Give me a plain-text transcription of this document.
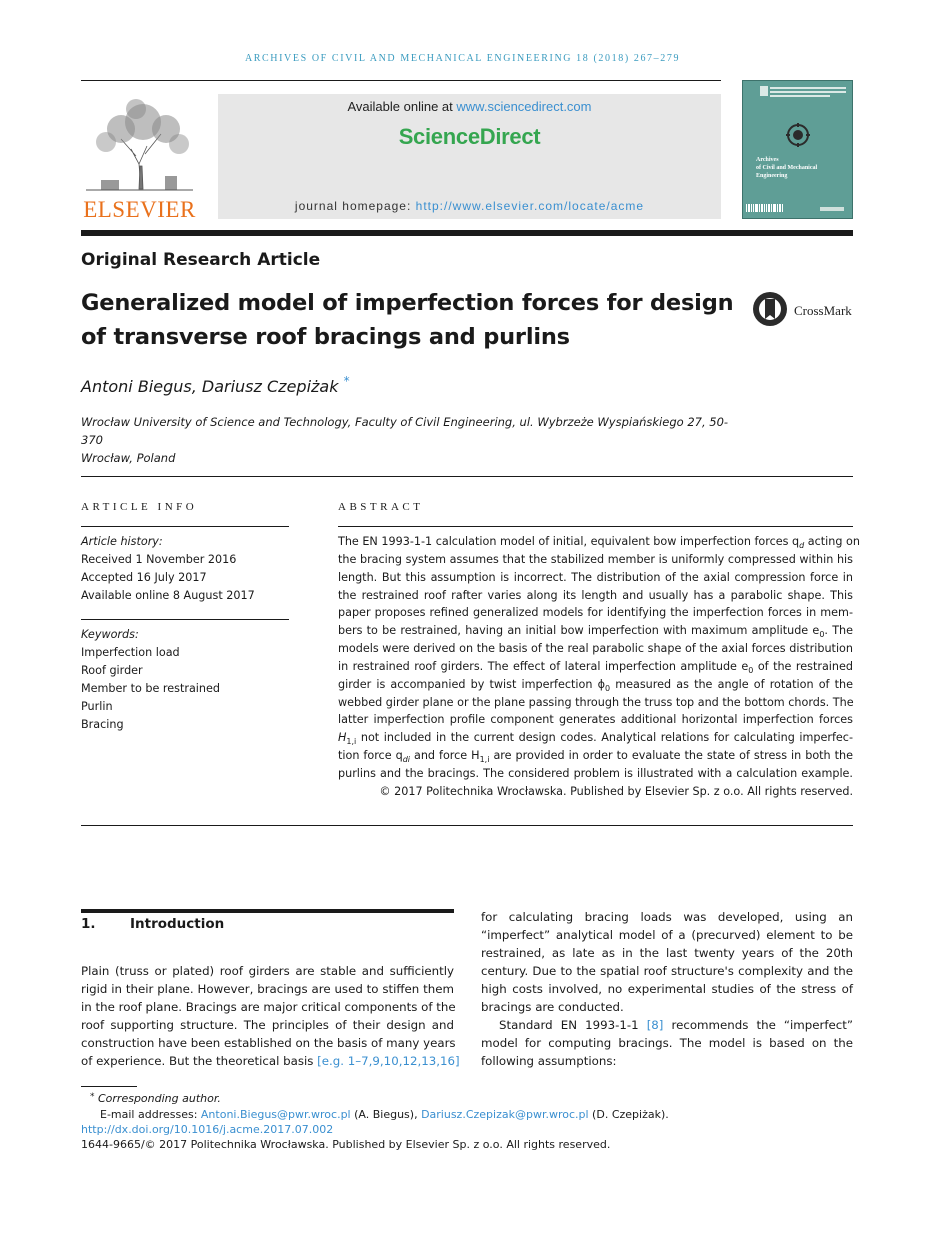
ARCHIVES OF CIVIL AND MECHANICAL ENGINEERING 18 (2018) 267–279
ELSEVIER
Available online at www.sciencedirect.com
ScienceDirect
journal homepage: http://www.elsevier.com/locate/acme
Archives
of Civil and Mechanical
Engineering
Original Research Article
Generalized model of imperfection forces for design
of transverse roof bracings and purlins
CrossMark
Antoni Biegus, Dariusz Czepiżak *
Wrocław University of Science and Technology, Faculty of Civil Engineering, ul. Wybrzeże Wyspiańskiego 27, 50-370
Wrocław, Poland
ARTICLE INFO
Article history:
Received 1 November 2016
Accepted 16 July 2017
Available online 8 August 2017
Keywords:
Imperfection load
Roof girder
Member to be restrained
Purlin
Bracing
ABSTRACT
The EN 1993-1-1 calculation model of initial, equivalent bow imperfection forces $q_d$ acting on
the bracing system assumes that the stabilized member is uniformly compressed within his
length. But this assumption is incorrect. The distribution of the axial compression force in
the restrained roof rafter varies along its length and usually has a parabolic shape. This
paper proposes refined generalized models for identifying the imperfection forces in mem-
bers to be restrained, having an initial bow imperfection with maximum amplitude $e_0$. The
models were derived on the basis of the real parabolic shape of the axial forces distribution
in restrained roof girders. The effect of lateral imperfection amplitude $e_0$ of the restrained
girder is accompanied by twist imperfection $\phi_0$ measured as the angle of rotation of the
webbed girder plane or the plane passing through the truss top and the bottom chords. The
latter imperfection profile component generates additional horizontal imperfection forces
$H_{1,i}$ not included in the current design codes. Analytical relations for calculating imperfec-
tion force $q_{di}$ and force $H_{1,i}$ are provided in order to evaluate the state of stress in both the
purlins and the bracings. The considered problem is illustrated with a calculation example.
© 2017 Politechnika Wrocławska. Published by Elsevier Sp. z o.o. All rights reserved.
1.	Introduction
Plain (truss or plated) roof girders are stable and sufficiently
rigid in their plane. However, bracings are used to stiffen them
in the roof plane. Bracings are major critical components of the
roof supporting structure. The principles of their design and
construction have been established on the basis of many years
of experience. But the theoretical basis [e.g. 1–7,9,10,12,13,16]
for calculating bracing loads was developed, using an
“imperfect” analytical model of a (precurved) element to be
restrained, as late as in the last twenty years of the 20th
century. Due to the spatial roof structure's complexity and the
high costs involved, no experimental studies of the stress of
bracings are conducted.
Standard EN 1993-1-1 [8] recommends the “imperfect”
model for computing bracings. The model is based on the
following assumptions:
* Corresponding author.
E-mail addresses: Antoni.Biegus@pwr.wroc.pl (A. Biegus), Dariusz.Czepizak@pwr.wroc.pl (D. Czepiżak).
http://dx.doi.org/10.1016/j.acme.2017.07.002
1644-9665/© 2017 Politechnika Wrocławska. Published by Elsevier Sp. z o.o. All rights reserved.
